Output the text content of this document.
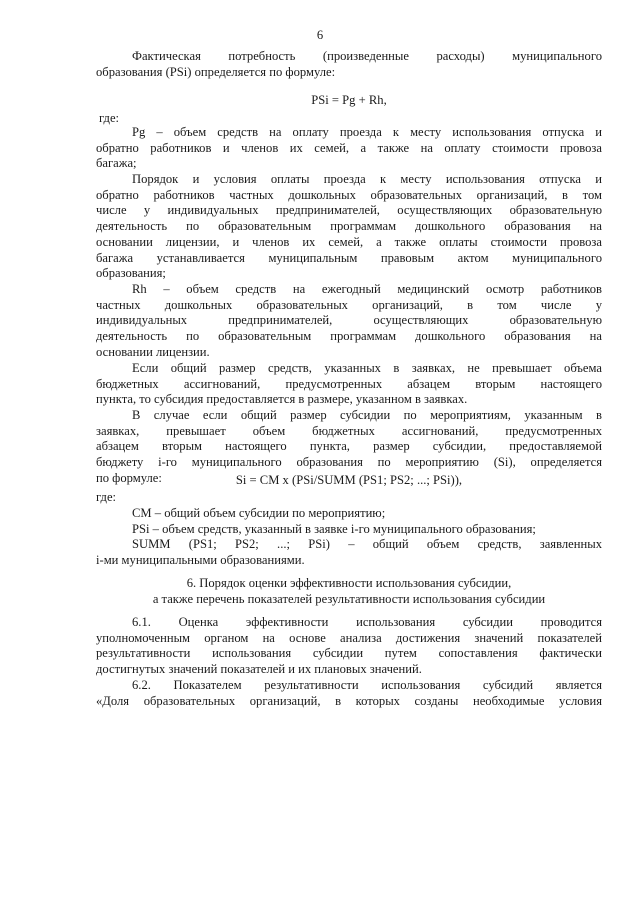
6
Фактическая потребность (произведенные расходы) муниципального
образования (PSi) определяется по формуле:
PSi = Pg + Rh,
где:
Pg – объем средств на оплату проезда к месту использования отпуска и
обратно работников и членов их семей, а также на оплату стоимости провоза
багажа;
Порядок и условия оплаты проезда к месту использования отпуска и
обратно работников частных дошкольных образовательных организаций, в том
числе у индивидуальных предпринимателей, осуществляющих образовательную
деятельность по образовательным программам дошкольного образования на
основании лицензии, и членов их семей, а также оплаты стоимости провоза
багажа устанавливается муниципальным правовым актом муниципального
образования;
Rh – объем средств на ежегодный медицинский осмотр работников
частных дошкольных образовательных организаций, в том числе у
индивидуальных предпринимателей, осуществляющих образовательную
деятельность по образовательным программам дошкольного образования на
основании лицензии.
Если общий размер средств, указанных в заявках, не превышает объема
бюджетных ассигнований, предусмотренных абзацем вторым настоящего
пункта, то субсидия предоставляется в размере, указанном в заявках.
В случае если общий размер субсидии по мероприятиям, указанным в
заявках, превышает объем бюджетных ассигнований, предусмотренных
абзацем вторым настоящего пункта, размер субсидии, предоставляемой
бюджету i-го муниципального образования по мероприятию (Si), определяется
по формуле:	Si = CM x (PSi/SUMM (PS1; PS2; ...; PSi)),
где:
CM – общий объем субсидии по мероприятию;
PSi – объем средств, указанный в заявке i-го муниципального образования;
SUMM (PS1; PS2; ...; PSi) – общий объем средств, заявленных
i-ми муниципальными образованиями.
6. Порядок оценки эффективности использования субсидии,
а также перечень показателей результативности использования субсидии
6.1. Оценка эффективности использования субсидии проводится
уполномоченным органом на основе анализа достижения значений показателей
результативности использования субсидии путем сопоставления фактически
достигнутых значений показателей и их плановых значений.
6.2. Показателем результативности использования субсидий является
«Доля образовательных организаций, в которых созданы необходимые условия
